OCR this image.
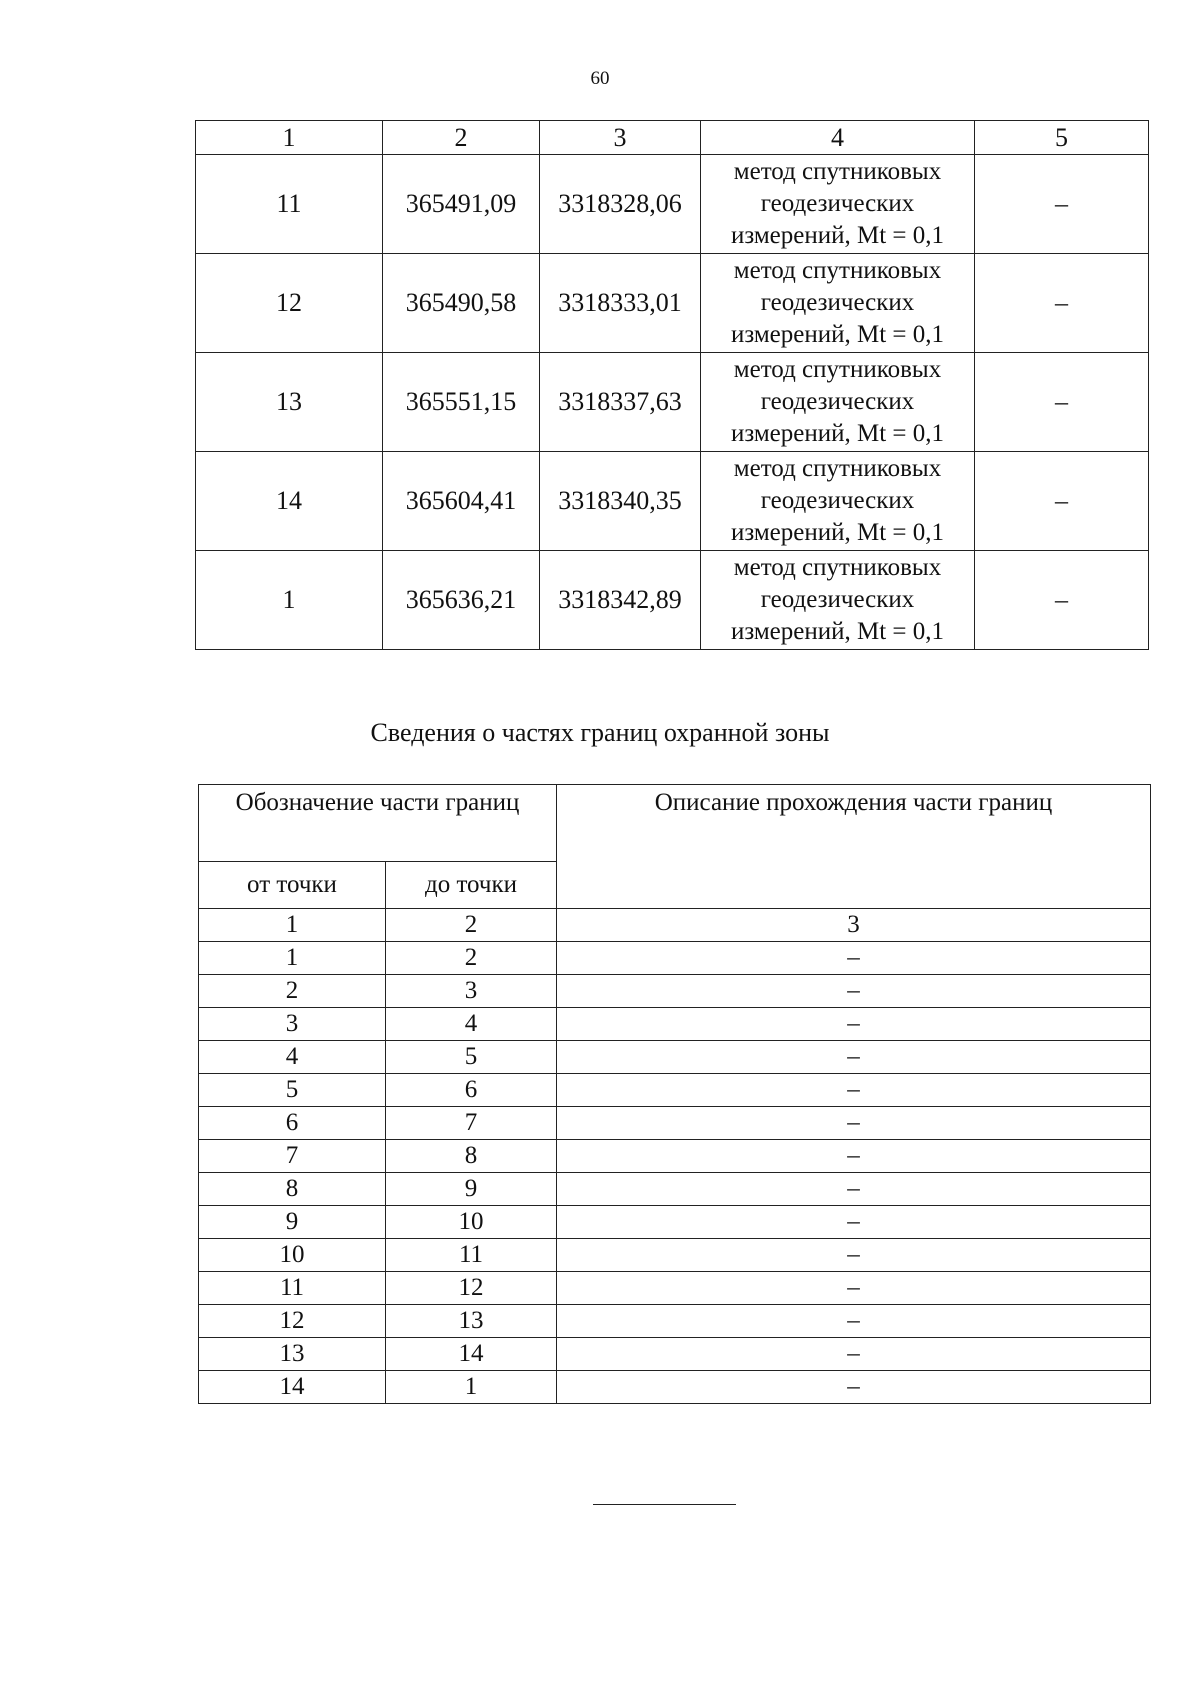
60
1	2	3	4	5
11	365491,09	3318328,06	метод спутниковых
геодезических
измерений, Mt = 0,1	–
12	365490,58	3318333,01	метод спутниковых
геодезических
измерений, Mt = 0,1	–
13	365551,15	3318337,63	метод спутниковых
геодезических
измерений, Mt = 0,1	–
14	365604,41	3318340,35	метод спутниковых
геодезических
измерений, Mt = 0,1	–
1	365636,21	3318342,89	метод спутниковых
геодезических
измерений, Mt = 0,1	–
Сведения о частях границ охранной зоны
Обозначение части границ		Описание прохождения части границ
от точки	до точки	
1	2	3
1	2	–
2	3	–
3	4	–
4	5	–
5	6	–
6	7	–
7	8	–
8	9	–
9	10	–
10	11	–
11	12	–
12	13	–
13	14	–
14	1	–
